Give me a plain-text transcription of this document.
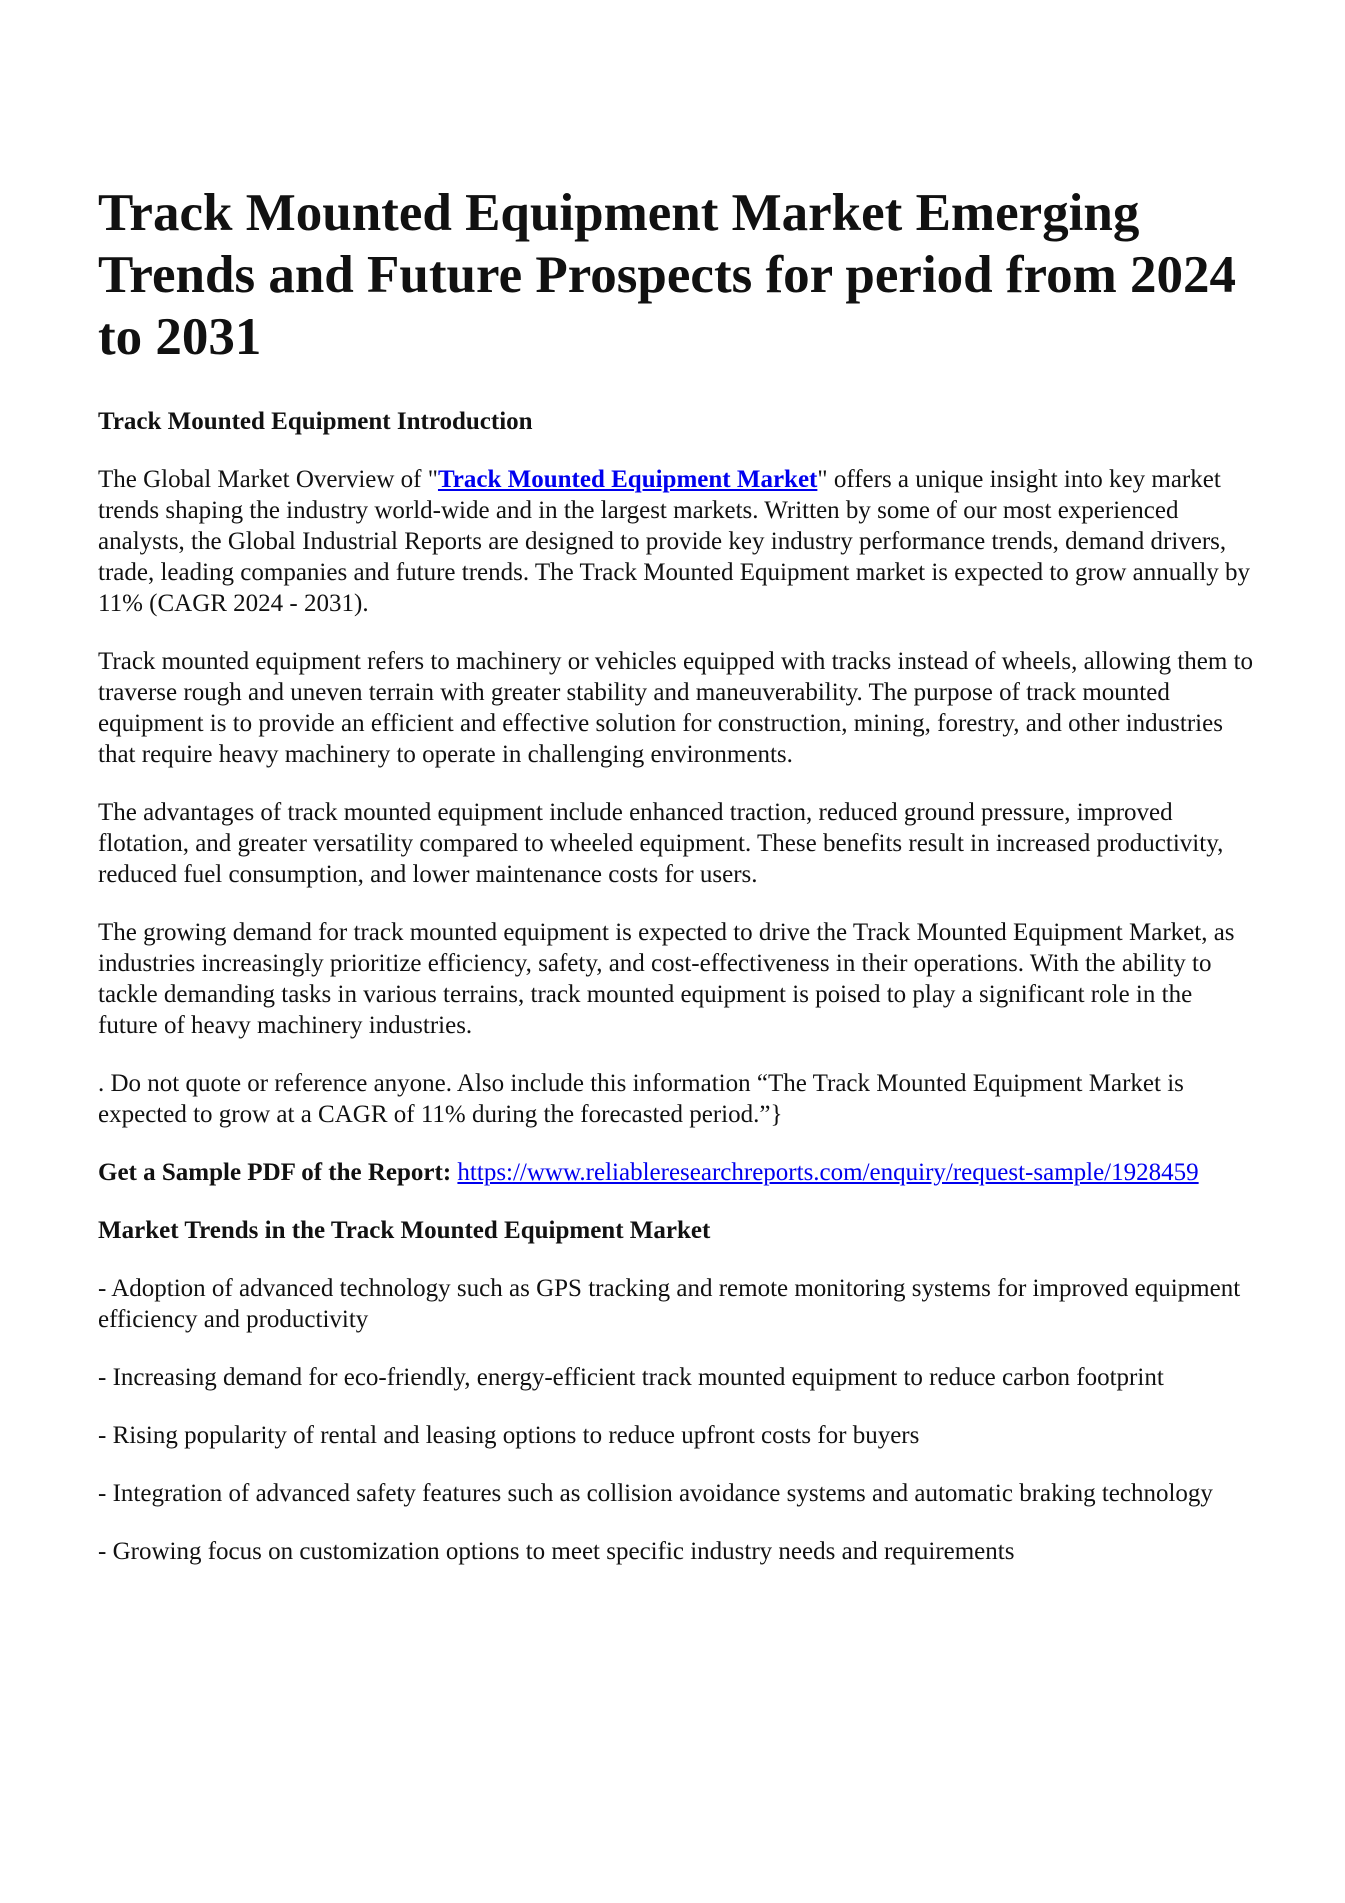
Track Mounted Equipment Market Emerging Trends and Future Prospects for period from 2024 to 2031
Track Mounted Equipment Introduction

The Global Market Overview of "Track Mounted Equipment Market" offers a unique insight into key market trends shaping the industry world-wide and in the largest markets. Written by some of our most experienced analysts, the Global Industrial Reports are designed to provide key industry performance trends, demand drivers, trade, leading companies and future trends. The Track Mounted Equipment market is expected to grow annually by 11% (CAGR 2024 - 2031).

Track mounted equipment refers to machinery or vehicles equipped with tracks instead of wheels, allowing them to traverse rough and uneven terrain with greater stability and maneuverability. The purpose of track mounted equipment is to provide an efficient and effective solution for construction, mining, forestry, and other industries that require heavy machinery to operate in challenging environments.

The advantages of track mounted equipment include enhanced traction, reduced ground pressure, improved flotation, and greater versatility compared to wheeled equipment. These benefits result in increased productivity, reduced fuel consumption, and lower maintenance costs for users.

The growing demand for track mounted equipment is expected to drive the Track Mounted Equipment Market, as industries increasingly prioritize efficiency, safety, and cost-effectiveness in their operations. With the ability to tackle demanding tasks in various terrains, track mounted equipment is poised to play a significant role in the future of heavy machinery industries.

. Do not quote or reference anyone. Also include this information “The Track Mounted Equipment Market is expected to grow at a CAGR of 11% during the forecasted period.”}

Get a Sample PDF of the Report: https://www.reliableresearchreports.com/enquiry/request-sample/1928459

Market Trends in the Track Mounted Equipment Market

- Adoption of advanced technology such as GPS tracking and remote monitoring systems for improved equipment efficiency and productivity

- Increasing demand for eco-friendly, energy-efficient track mounted equipment to reduce carbon footprint

- Rising popularity of rental and leasing options to reduce upfront costs for buyers

- Integration of advanced safety features such as collision avoidance systems and automatic braking technology

- Growing focus on customization options to meet specific industry needs and requirements
